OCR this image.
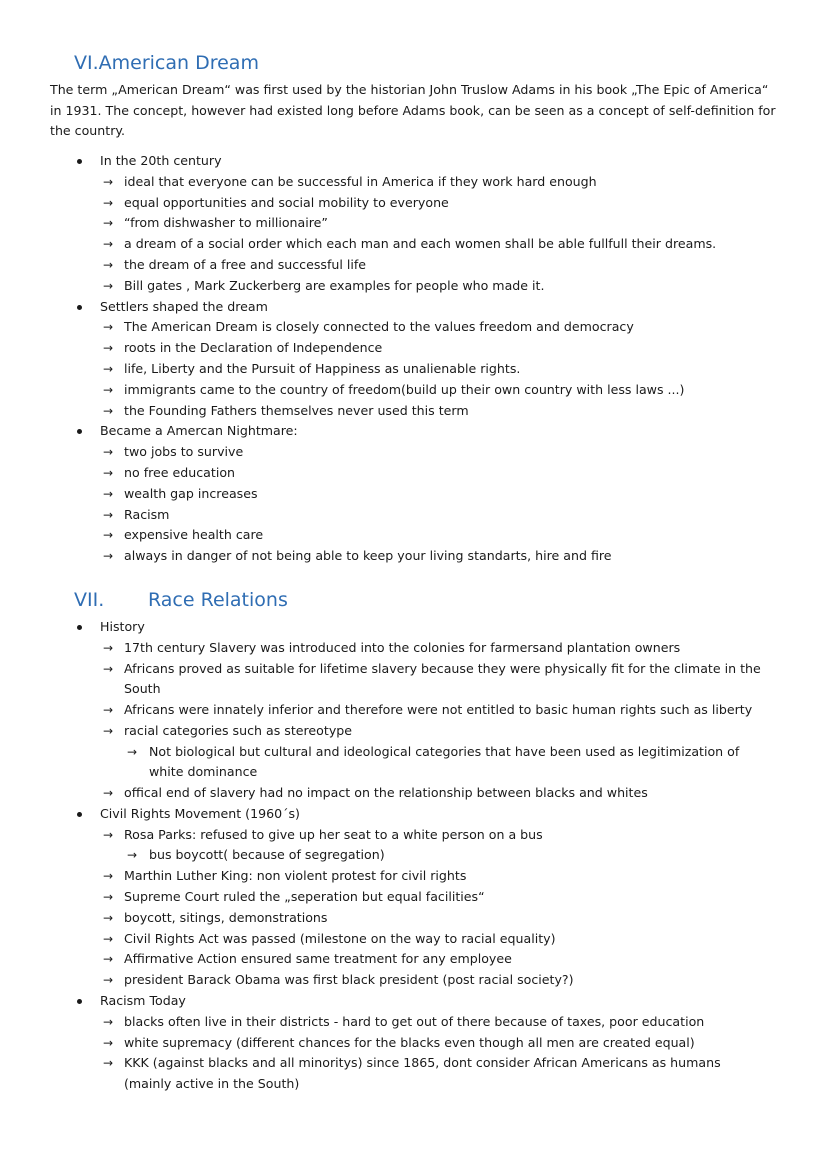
VI.American Dream
The term „American Dream“ was first used by the historian John Truslow Adams in his book „The Epic of America“ in 1931. The concept, however had existed long before Adams book, can be seen as a concept of self-definition for the country.
In the 20th century
→ ideal that everyone can be successful in America if they work hard enough
→ equal opportunities and social mobility to everyone
→ “from dishwasher to millionaire”
→ a dream of a social order which each man and each women shall be able fullfull their dreams.
→ the dream of a free and successful life
→ Bill gates , Mark Zuckerberg are examples for people who made it.
Settlers shaped the dream
→ The American Dream is closely connected to the values freedom and democracy
→ roots in the Declaration of Independence
→ life, Liberty and the Pursuit of Happiness as unalienable rights.
→ immigrants came to the country of freedom(build up their own country with less laws ...)
→ the Founding Fathers themselves never used this term
Became a Amercan Nightmare:
→ two jobs to survive
→ no free education
→ wealth gap increases
→ Racism
→ expensive health care
→ always in danger of not being able to keep your living standarts, hire and fire
VII. Race Relations
History
→ 17th century Slavery was introduced into the colonies for farmersand plantation owners
→ Africans proved as suitable for lifetime slavery because they were physically fit for the climate in the South
→ Africans were innately inferior and therefore were not entitled to basic human rights such as liberty
→ racial categories such as stereotype
→ Not biological but cultural and ideological categories that have been used as legitimization of white dominance
→ offical end of slavery had no impact on the relationship between blacks and whites
Civil Rights Movement (1960´s)
→ Rosa Parks: refused to give up her seat to a white person on a bus
→ bus boycott( because of segregation)
→ Marthin Luther King: non violent protest for civil rights
→ Supreme Court ruled the „seperation but equal facilities“
→ boycott, sitings, demonstrations
→ Civil Rights Act was passed (milestone on the way to racial equality)
→ Affirmative Action ensured same treatment for any employee
→ president Barack Obama was first black president (post racial society?)
Racism Today
→ blacks often live in their districts - hard to get out of there because of taxes, poor education
→ white supremacy (different chances for the blacks even though all men are created equal)
→ KKK (against blacks and all minoritys) since 1865, dont consider African Americans as humans (mainly active in the South)
